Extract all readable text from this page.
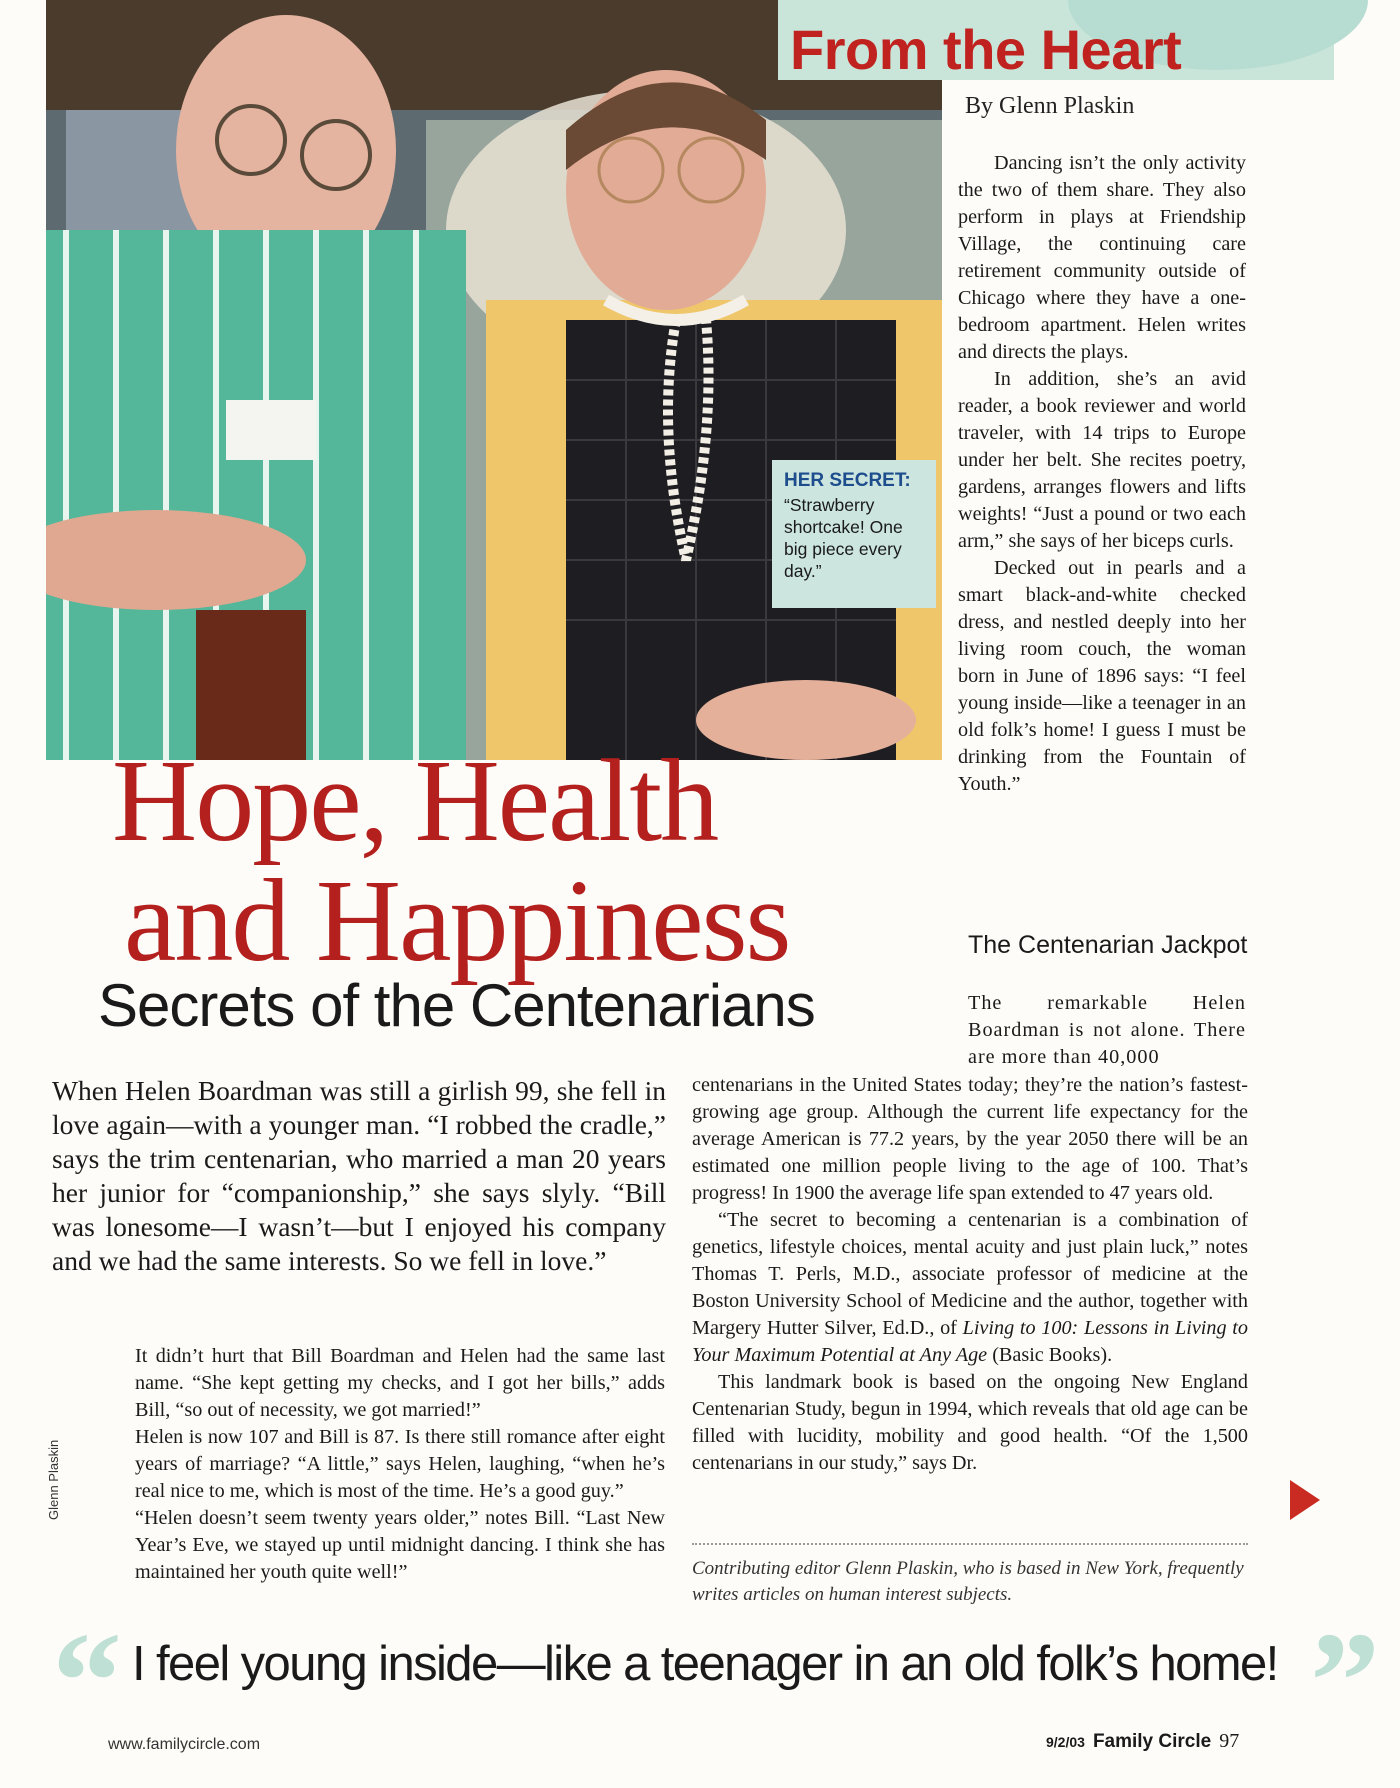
From the Heart
By Glenn Plaskin
HER SECRET:
“Strawberry shortcake! One big piece every day.”

Dancing isn’t the only activity the two of them share. They also perform in plays at Friendship Village, the continuing care retirement community outside of Chicago where they have a one-bedroom apartment. Helen writes and directs the plays.

In addition, she’s an avid reader, a book reviewer and world traveler, with 14 trips to Europe under her belt. She recites poetry, gardens, arranges flowers and lifts weights! “Just a pound or two each arm,” she says of her biceps curls.

Decked out in pearls and a smart black-and-white checked dress, and nestled deeply into her living room couch, the woman born in June of 1896 says: “I feel young inside—like a teenager in an old folk’s home! I guess I must be drinking from the Fountain of Youth.”

The Centenarian Jackpot
The remarkable Helen Boardman is not alone. There are more than 40,000
Hope, Health
and Happiness
Secrets of the Centenarians
When Helen Boardman was still a girlish 99, she fell in love again—with a younger man. “I robbed the cradle,” says the trim centenarian, who married a man 20 years her junior for “companionship,” she says slyly. “Bill was lonesome—I wasn’t—but I enjoyed his company and we had the same interests. So we fell in love.”

It didn’t hurt that Bill Boardman and Helen had the same last name. “She kept getting my checks, and I got her bills,” adds Bill, “so out of necessity, we got married!”

Helen is now 107 and Bill is 87. Is there still romance after eight years of marriage? “A little,” says Helen, laughing, “when he’s real nice to me, which is most of the time. He’s a good guy.”

“Helen doesn’t seem twenty years older,” notes Bill. “Last New Year’s Eve, we stayed up until midnight dancing. I think she has maintained her youth quite well!”

centenarians in the United States today; they’re the nation’s fastest-growing age group. Although the current life expectancy for the average American is 77.2 years, by the year 2050 there will be an estimated one million people living to the age of 100. That’s progress! In 1900 the average life span extended to 47 years old.

“The secret to becoming a centenarian is a combination of genetics, lifestyle choices, mental acuity and just plain luck,” notes Thomas T. Perls, M.D., associate professor of medicine at the Boston University School of Medicine and the author, together with Margery Hutter Silver, Ed.D., of Living to 100: Lessons in Living to Your Maximum Potential at Any Age (Basic Books).

This landmark book is based on the ongoing New England Centenarian Study, begun in 1994, which reveals that old age can be filled with lucidity, mobility and good health. “Of the 1,500 centenarians in our study,” says Dr.

Contributing editor Glenn Plaskin, who is based in New York, frequently writes articles on human interest subjects.
Glenn Plaskin
“ I feel young inside—like a teenager in an old folk’s home! ”
www.familycircle.com	9/2/03 Family Circle 97
